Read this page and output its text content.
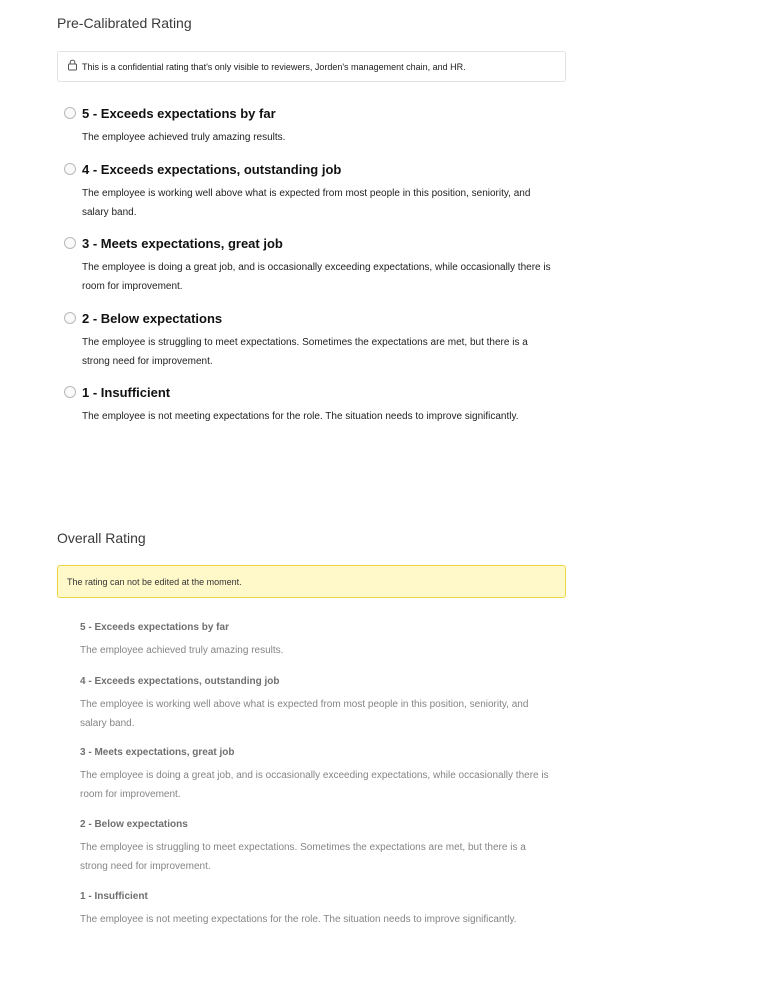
Pre-Calibrated Rating
This is a confidential rating that's only visible to reviewers, Jorden's management chain, and HR.
5 - Exceeds expectations by far
The employee achieved truly amazing results.
4 - Exceeds expectations, outstanding job
The employee is working well above what is expected from most people in this position, seniority, and salary band.
3 - Meets expectations, great job
The employee is doing a great job, and is occasionally exceeding expectations, while occasionally there is room for improvement.
2 - Below expectations
The employee is struggling to meet expectations. Sometimes the expectations are met, but there is a strong need for improvement.
1 - Insufficient
The employee is not meeting expectations for the role. The situation needs to improve significantly.
Overall Rating
The rating can not be edited at the moment.
5 - Exceeds expectations by far
The employee achieved truly amazing results.
4 - Exceeds expectations, outstanding job
The employee is working well above what is expected from most people in this position, seniority, and salary band.
3 - Meets expectations, great job
The employee is doing a great job, and is occasionally exceeding expectations, while occasionally there is room for improvement.
2 - Below expectations
The employee is struggling to meet expectations. Sometimes the expectations are met, but there is a strong need for improvement.
1 - Insufficient
The employee is not meeting expectations for the role. The situation needs to improve significantly.
